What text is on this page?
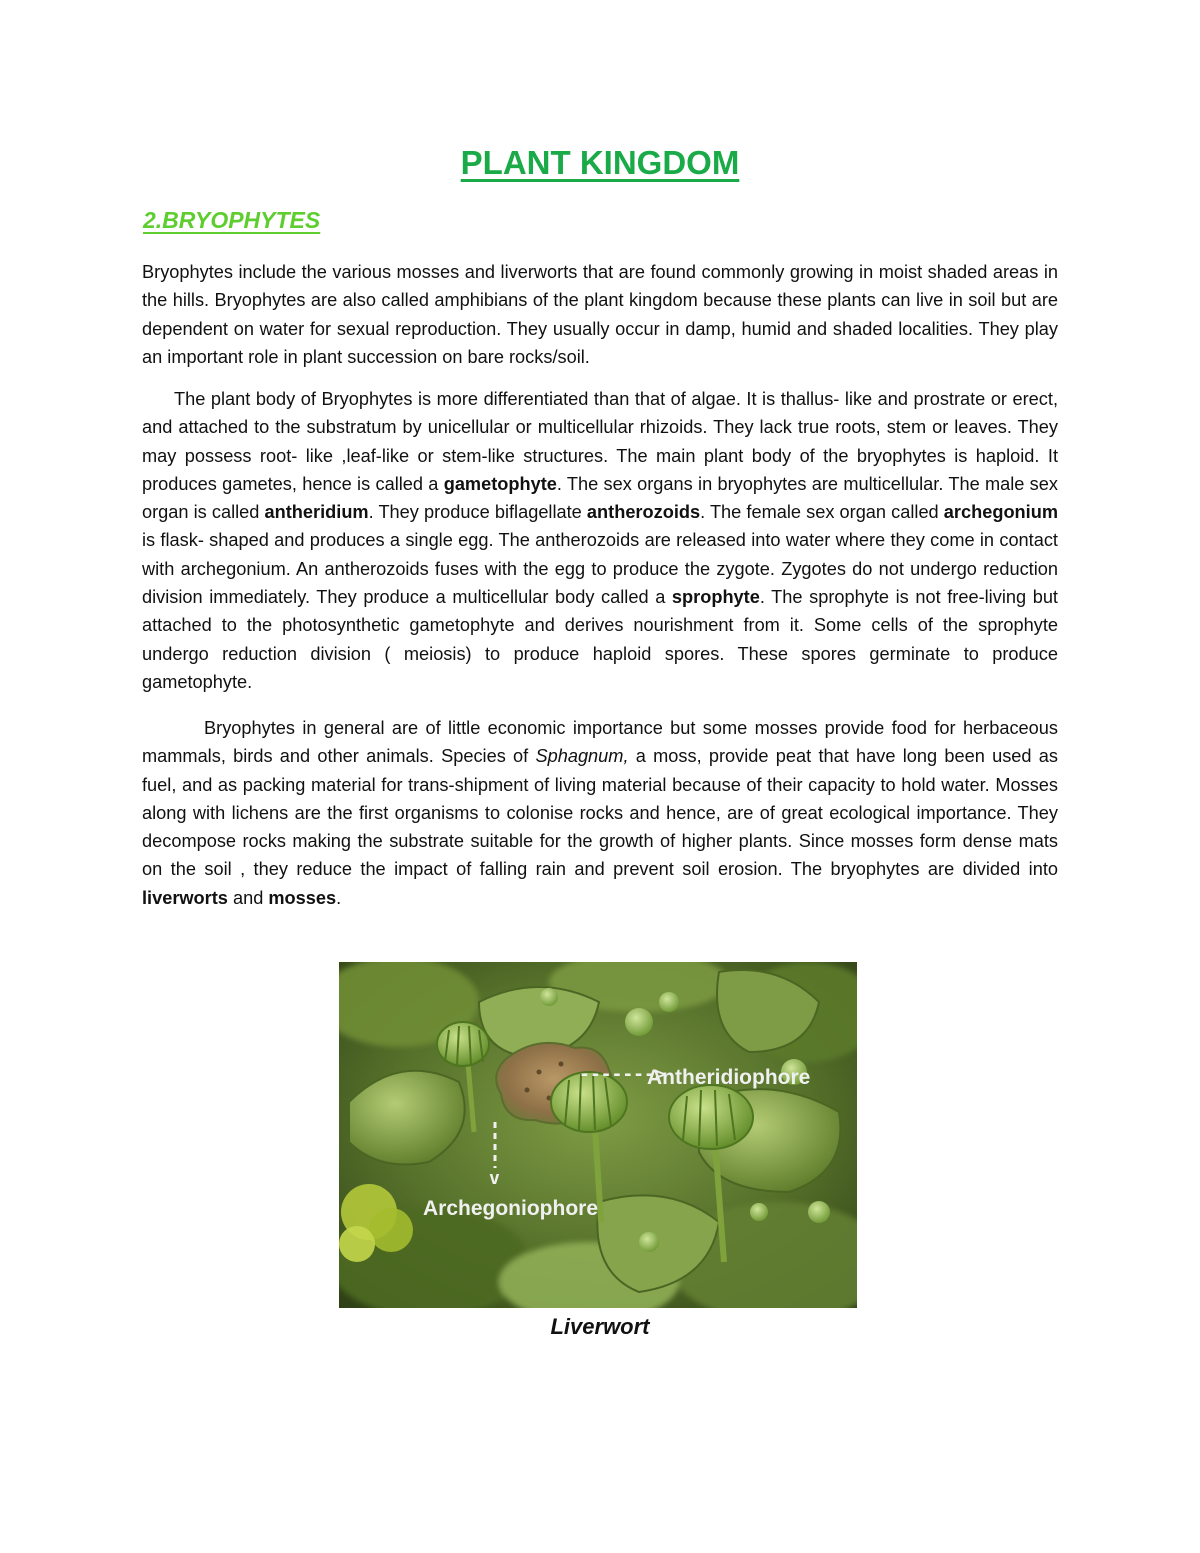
PLANT KINGDOM
2.BRYOPHYTES

Bryophytes include the various mosses and liverworts that are found commonly growing in moist shaded areas in the hills. Bryophytes are also called amphibians of the plant kingdom because these plants can live in soil but are dependent on water for sexual reproduction. They usually occur in damp, humid and shaded localities. They play an important role in plant succession on bare rocks/soil.

The plant body of Bryophytes is more differentiated than that of algae. It is thallus- like and prostrate or erect, and attached to the substratum by unicellular or multicellular rhizoids. They lack true roots, stem or leaves. They may possess root- like ,leaf-like or stem-like structures. The main plant body of the bryophytes is haploid. It produces gametes, hence is called a gametophyte. The sex organs in bryophytes are multicellular. The male sex organ is called antheridium. They produce biflagellate antherozoids. The female sex organ called archegonium is flask- shaped and produces a single egg. The antherozoids are released into water where they come in contact with archegonium. An antherozoids fuses with the egg to produce the zygote. Zygotes do not undergo reduction division immediately. They produce a multicellular body called a sprophyte. The sprophyte is not free-living but attached to the photosynthetic gametophyte and derives nourishment from it. Some cells of the sprophyte undergo reduction division ( meiosis) to produce haploid spores. These spores germinate to produce gametophyte.

Bryophytes in general are of little economic importance but some mosses provide food for herbaceous mammals, birds and other animals. Species of Sphagnum, a moss, provide peat that have long been used as fuel, and as packing material for trans-shipment of living material because of their capacity to hold water. Mosses along with lichens are the first organisms to colonise rocks and hence, are of great ecological importance. They decompose rocks making the substrate suitable for the growth of higher plants. Since mosses form dense mats on the soil , they reduce the impact of falling rain and prevent soil erosion. The bryophytes are divided into liverworts and mosses.

------->
Antheridiophore
v
Archegoniophore
Liverwort
